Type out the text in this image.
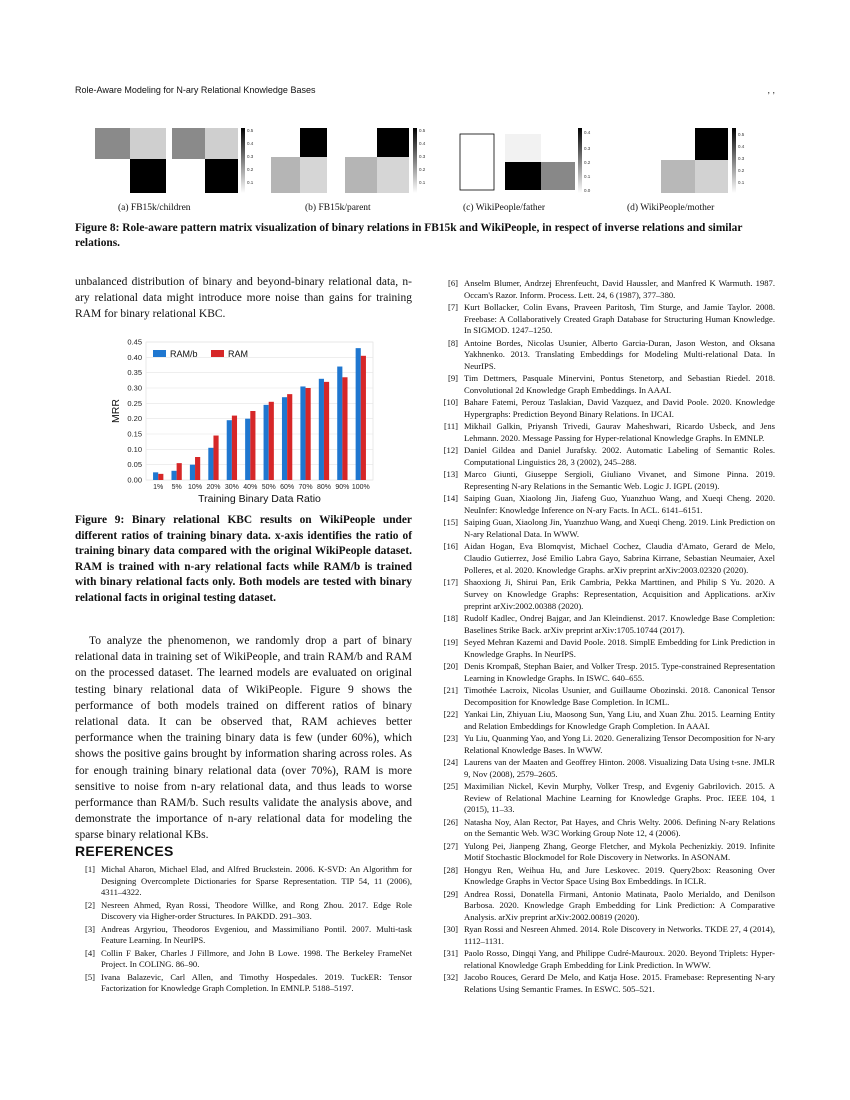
Role-Aware Modeling for N-ary Relational Knowledge Bases	, ,
0.5
0.4
0.3
0.2
0.1
0.5
0.4
0.3
0.2
0.1
0.4
0.3
0.2
0.1
0.0
0.5
0.4
0.3
0.2
0.1
(a) FB15k/children	(b) FB15k/parent	(c) WikiPeople/father	(d) WikiPeople/mother
Figure 8: Role-aware pattern matrix visualization of binary relations in FB15k and WikiPeople, in respect of inverse relations and similar relations.

unbalanced distribution of binary and beyond-binary relational data, n-ary relational data might introduce more noise than gains for training RAM for binary relational KBC.

0.00
0.05
0.10
0.15
0.20
0.25
0.30
0.35
0.40
0.45
1% 5% 10% 20% 30% 40% 50% 60% 70% 80% 90% 100%
Training Binary Data Ratio
MRR
RAM/b	RAM
Figure 9: Binary relational KBC results on WikiPeople under different ratios of training binary data. x-axis identifies the ratio of training binary data compared with the original WikiPeople dataset. RAM is trained with n-ary relational facts while RAM/b is trained with binary relational facts only. Both models are tested with binary relational facts in original testing dataset.
To analyze the phenomenon, we randomly drop a part of binary relational data in training set of WikiPeople, and train RAM/b and RAM on the processed dataset. The learned models are evaluated on original testing binary relational data of WikiPeople. Figure 9 shows the performance of both models trained on different ratios of binary relational data. It can be observed that, RAM achieves better performance when the training binary data is few (under 60%), which shows the positive gains brought by information sharing across roles. As for enough training binary relational data (over 70%), RAM is more sensitive to noise from n-ary relational data, and thus leads to worse performance than RAM/b. Such results validate the analysis above, and demonstrate the importance of n-ary relational data for modeling the sparse binary relational KBs.
REFERENCES
[1] Michal Aharon, Michael Elad, and Alfred Bruckstein. 2006. K-SVD: An Algorithm for Designing Overcomplete Dictionaries for Sparse Representation. TIP 54, 11 (2006), 4311–4322.
[2] Nesreen Ahmed, Ryan Rossi, Theodore Willke, and Rong Zhou. 2017. Edge Role Discovery via Higher-order Structures. In PAKDD. 291–303.
[3] Andreas Argyriou, Theodoros Evgeniou, and Massimiliano Pontil. 2007. Multi-task Feature Learning. In NeurIPS.
[4] Collin F Baker, Charles J Fillmore, and John B Lowe. 1998. The Berkeley FrameNet Project. In COLING. 86–90.
[5] Ivana Balazevic, Carl Allen, and Timothy Hospedales. 2019. TuckER: Tensor Factorization for Knowledge Graph Completion. In EMNLP. 5188–5197.
[6] Anselm Blumer, Andrzej Ehrenfeucht, David Haussler, and Manfred K Warmuth. 1987. Occam's Razor. Inform. Process. Lett. 24, 6 (1987), 377–380.
[7] Kurt Bollacker, Colin Evans, Praveen Paritosh, Tim Sturge, and Jamie Taylor. 2008. Freebase: A Collaboratively Created Graph Database for Structuring Human Knowledge. In SIGMOD. 1247–1250.
[8] Antoine Bordes, Nicolas Usunier, Alberto Garcia-Duran, Jason Weston, and Oksana Yakhnenko. 2013. Translating Embeddings for Modeling Multi-relational Data. In NeurIPS.
[9] Tim Dettmers, Pasquale Minervini, Pontus Stenetorp, and Sebastian Riedel. 2018. Convolutional 2d Knowledge Graph Embeddings. In AAAI.
[10] Bahare Fatemi, Perouz Taslakian, David Vazquez, and David Poole. 2020. Knowledge Hypergraphs: Prediction Beyond Binary Relations. In IJCAI.
[11] Mikhail Galkin, Priyansh Trivedi, Gaurav Maheshwari, Ricardo Usbeck, and Jens Lehmann. 2020. Message Passing for Hyper-relational Knowledge Graphs. In EMNLP.
[12] Daniel Gildea and Daniel Jurafsky. 2002. Automatic Labeling of Semantic Roles. Computational Linguistics 28, 3 (2002), 245–288.
[13] Marco Giunti, Giuseppe Sergioli, Giuliano Vivanet, and Simone Pinna. 2019. Representing N-ary Relations in the Semantic Web. Logic J. IGPL (2019).
[14] Saiping Guan, Xiaolong Jin, Jiafeng Guo, Yuanzhuo Wang, and Xueqi Cheng. 2020. NeuInfer: Knowledge Inference on N-ary Facts. In ACL. 6141–6151.
[15] Saiping Guan, Xiaolong Jin, Yuanzhuo Wang, and Xueqi Cheng. 2019. Link Prediction on N-ary Relational Data. In WWW.
[16] Aidan Hogan, Eva Blomqvist, Michael Cochez, Claudia d'Amato, Gerard de Melo, Claudio Gutierrez, José Emilio Labra Gayo, Sabrina Kirrane, Sebastian Neumaier, Axel Polleres, et al. 2020. Knowledge Graphs. arXiv preprint arXiv:2003.02320 (2020).
[17] Shaoxiong Ji, Shirui Pan, Erik Cambria, Pekka Marttinen, and Philip S Yu. 2020. A Survey on Knowledge Graphs: Representation, Acquisition and Applications. arXiv preprint arXiv:2002.00388 (2020).
[18] Rudolf Kadlec, Ondrej Bajgar, and Jan Kleindienst. 2017. Knowledge Base Completion: Baselines Strike Back. arXiv preprint arXiv:1705.10744 (2017).
[19] Seyed Mehran Kazemi and David Poole. 2018. SimplE Embedding for Link Prediction in Knowledge Graphs. In NeurIPS.
[20] Denis Krompaß, Stephan Baier, and Volker Tresp. 2015. Type-constrained Representation Learning in Knowledge Graphs. In ISWC. 640–655.
[21] Timothée Lacroix, Nicolas Usunier, and Guillaume Obozinski. 2018. Canonical Tensor Decomposition for Knowledge Base Completion. In ICML.
[22] Yankai Lin, Zhiyuan Liu, Maosong Sun, Yang Liu, and Xuan Zhu. 2015. Learning Entity and Relation Embeddings for Knowledge Graph Completion. In AAAI.
[23] Yu Liu, Quanming Yao, and Yong Li. 2020. Generalizing Tensor Decomposition for N-ary Relational Knowledge Bases. In WWW.
[24] Laurens van der Maaten and Geoffrey Hinton. 2008. Visualizing Data Using t-sne. JMLR 9, Nov (2008), 2579–2605.
[25] Maximilian Nickel, Kevin Murphy, Volker Tresp, and Evgeniy Gabrilovich. 2015. A Review of Relational Machine Learning for Knowledge Graphs. Proc. IEEE 104, 1 (2015), 11–33.
[26] Natasha Noy, Alan Rector, Pat Hayes, and Chris Welty. 2006. Defining N-ary Relations on the Semantic Web. W3C Working Group Note 12, 4 (2006).
[27] Yulong Pei, Jianpeng Zhang, George Fletcher, and Mykola Pechenizkiy. 2019. Infinite Motif Stochastic Blockmodel for Role Discovery in Networks. In ASONAM.
[28] Hongyu Ren, Weihua Hu, and Jure Leskovec. 2019. Query2box: Reasoning Over Knowledge Graphs in Vector Space Using Box Embeddings. In ICLR.
[29] Andrea Rossi, Donatella Firmani, Antonio Matinata, Paolo Merialdo, and Denilson Barbosa. 2020. Knowledge Graph Embedding for Link Prediction: A Comparative Analysis. arXiv preprint arXiv:2002.00819 (2020).
[30] Ryan Rossi and Nesreen Ahmed. 2014. Role Discovery in Networks. TKDE 27, 4 (2014), 1112–1131.
[31] Paolo Rosso, Dingqi Yang, and Philippe Cudré-Mauroux. 2020. Beyond Triplets: Hyper-relational Knowledge Graph Embedding for Link Prediction. In WWW.
[32] Jacobo Rouces, Gerard De Melo, and Katja Hose. 2015. Framebase: Representing N-ary Relations Using Semantic Frames. In ESWC. 505–521.
